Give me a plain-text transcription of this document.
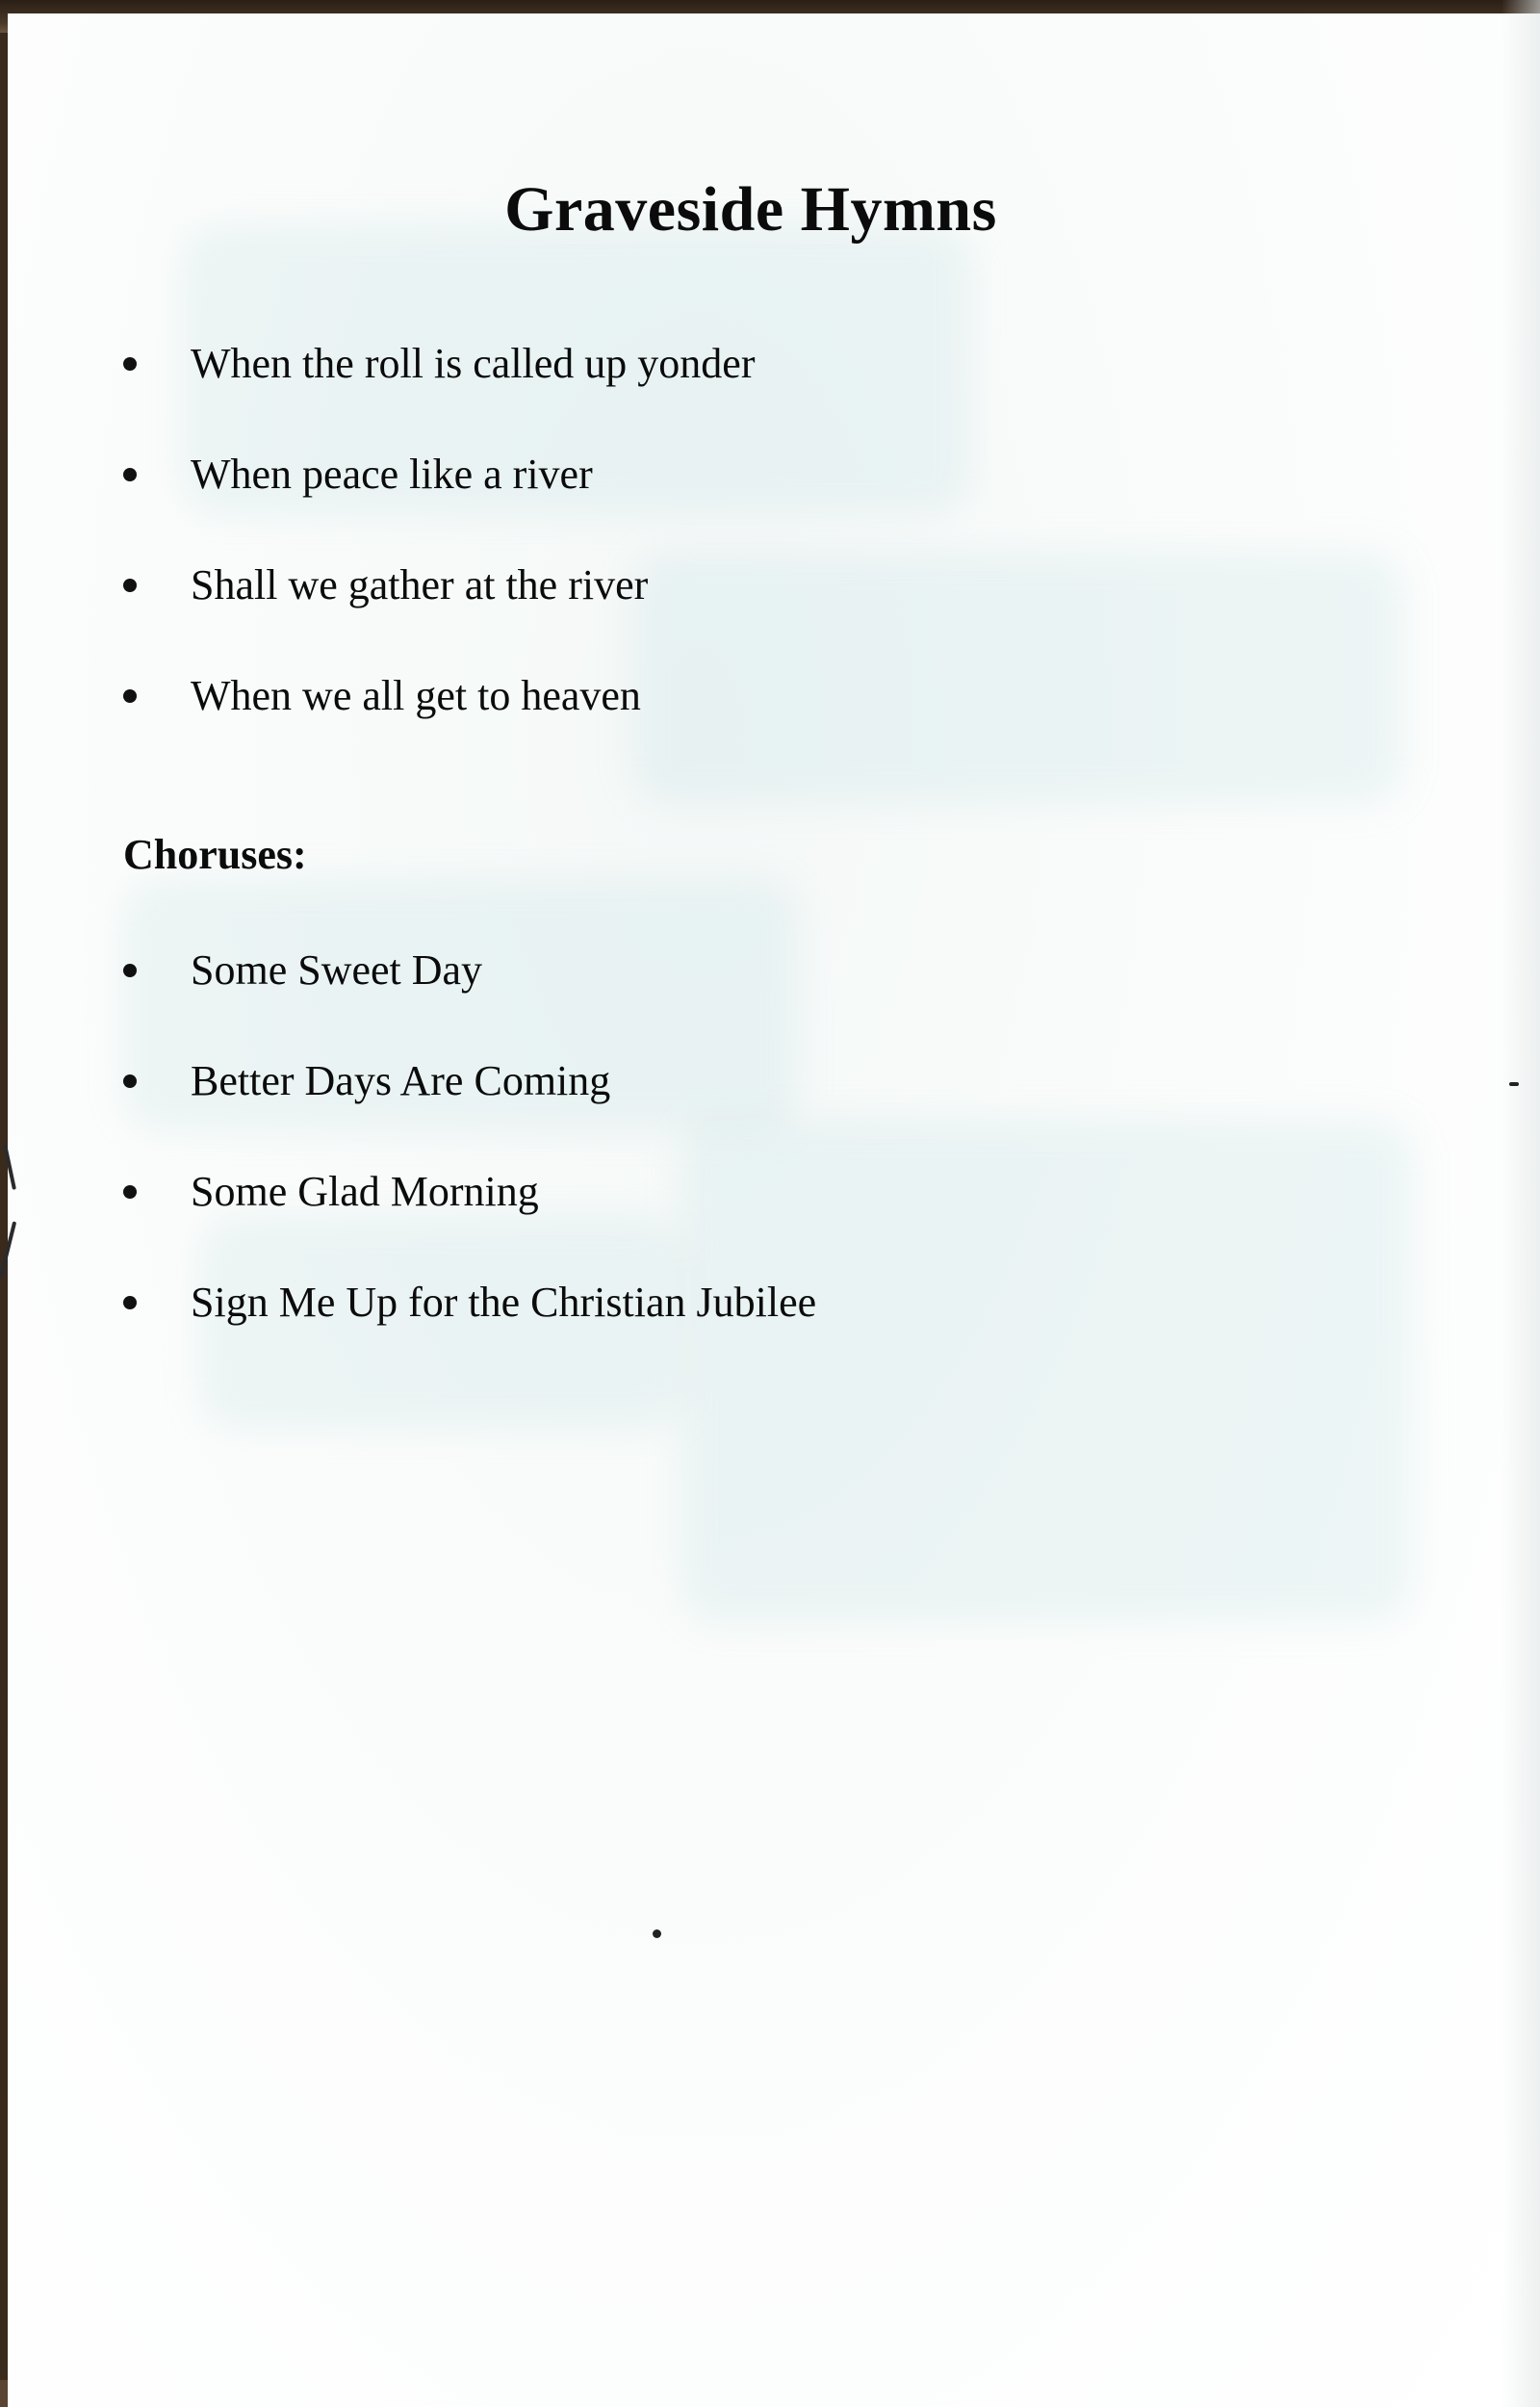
Graveside Hymns
When the roll is called up yonder
When peace like a river
Shall we gather at the river
When we all get to heaven
Choruses:
Some Sweet Day
Better Days Are Coming
Some Glad Morning
Sign Me Up for the Christian Jubilee
